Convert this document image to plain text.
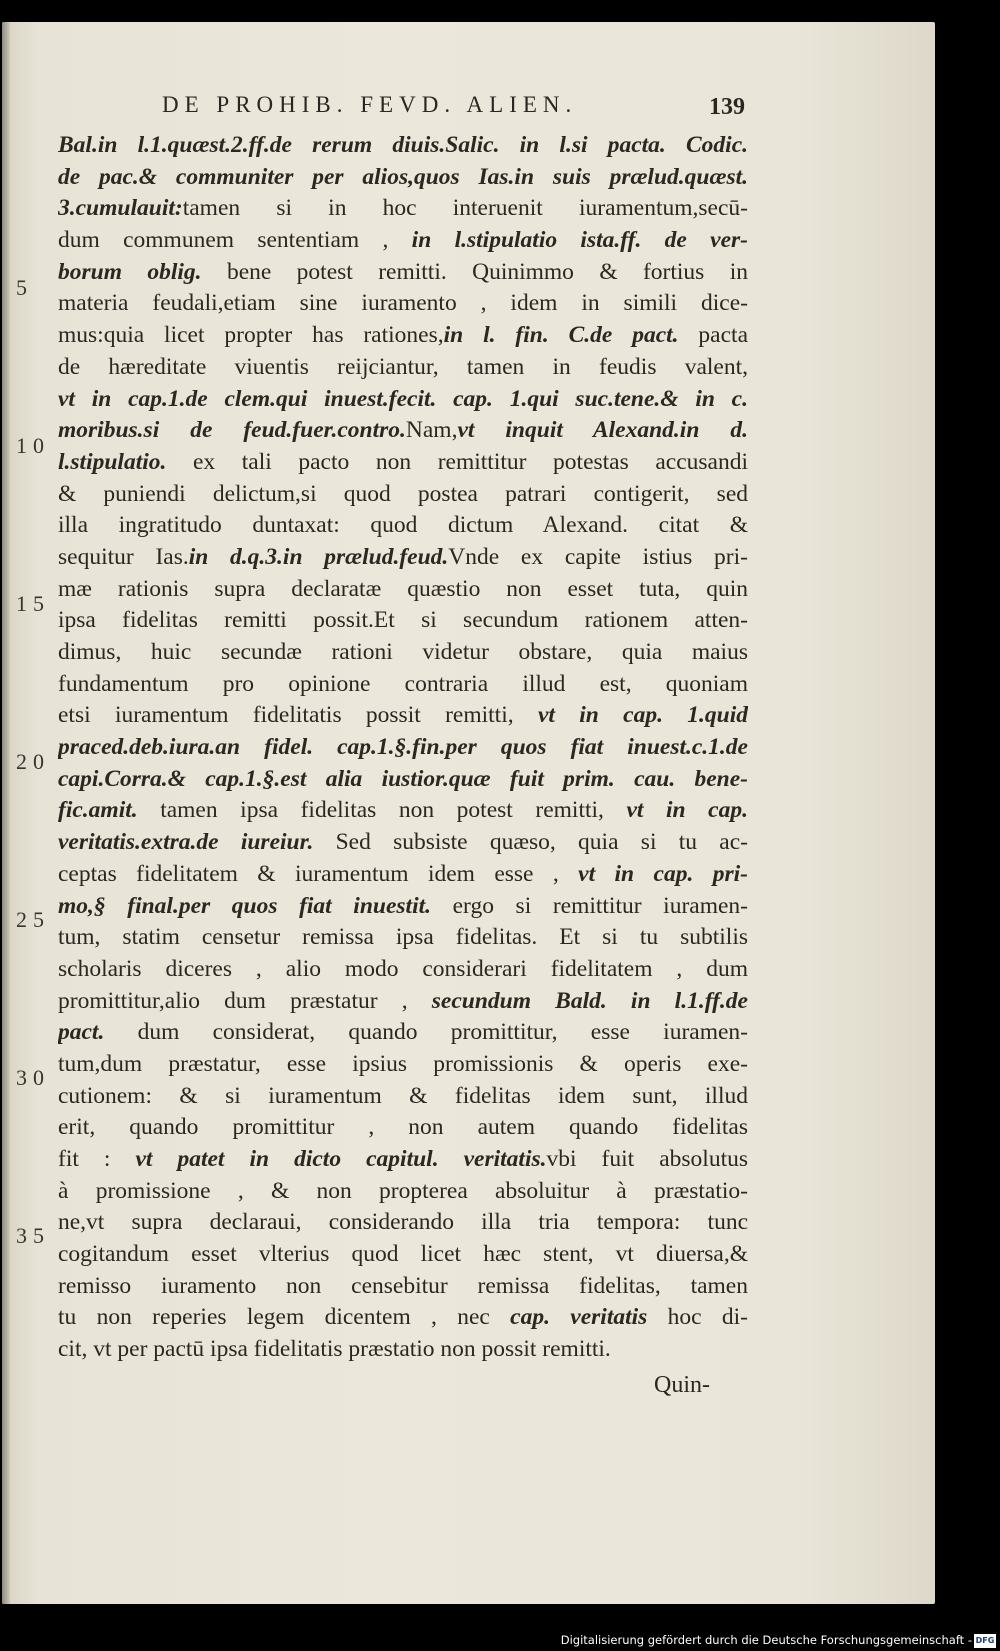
DE PROHIB. FEVD. ALIEN.	139
5
10
15
20
25
30
35
Bal.in l.1.quæst.2.ff.de rerum diuis.Salic. in l.si pacta. Codic.
de pac.& communiter per alios,quos Ias.in suis prælud.quæst.
3.cumulauit:tamen si in hoc interuenit iuramentum,secū-
dum communem sententiam , in l.stipulatio ista.ff. de ver-
borum oblig. bene potest remitti. Quinimmo & fortius in
materia feudali,etiam sine iuramento , idem in simili dice-
mus:quia licet propter has rationes,in l. fin. C.de pact. pacta
de hæreditate viuentis reijciantur, tamen in feudis valent,
vt in cap.1.de clem.qui inuest.fecit. cap. 1.qui suc.tene.& in c.
moribus.si de feud.fuer.contro.Nam,vt inquit Alexand.in d.
l.stipulatio. ex tali pacto non remittitur potestas accusandi
& puniendi delictum,si quod postea patrari contigerit, sed
illa ingratitudo duntaxat: quod dictum Alexand. citat &
sequitur Ias.in d.q.3.in prælud.feud.Vnde ex capite istius pri-
mæ rationis supra declaratæ quæstio non esset tuta, quin
ipsa fidelitas remitti possit.Et si secundum rationem atten-
dimus, huic secundæ rationi videtur obstare, quia maius
fundamentum pro opinione contraria illud est, quoniam
etsi iuramentum fidelitatis possit remitti, vt in cap. 1.quid
praced.deb.iura.an fidel. cap.1.§.fin.per quos fiat inuest.c.1.de
capi.Corra.& cap.1.§.est alia iustior.quæ fuit prim. cau. bene-
fic.amit. tamen ipsa fidelitas non potest remitti, vt in cap.
veritatis.extra.de iureiur. Sed subsiste quæso, quia si tu ac-
ceptas fidelitatem & iuramentum idem esse , vt in cap. pri-
mo,§ final.per quos fiat inuestit. ergo si remittitur iuramen-
tum, statim censetur remissa ipsa fidelitas. Et si tu subtilis
scholaris diceres , alio modo considerari fidelitatem , dum
promittitur,alio dum præstatur , secundum Bald. in l.1.ff.de
pact. dum considerat, quando promittitur, esse iuramen-
tum,dum præstatur, esse ipsius promissionis & operis exe-
cutionem: & si iuramentum & fidelitas idem sunt, illud
erit, quando promittitur , non autem quando fidelitas
fit : vt patet in dicto capitul. veritatis.vbi fuit absolutus
à promissione , & non propterea absoluitur à præstatio-
ne,vt supra declaraui, considerando illa tria tempora: tunc
cogitandum esset vlterius quod licet hæc stent, vt diuersa,&
remisso iuramento non censebitur remissa fidelitas, tamen
tu non reperies legem dicentem , nec cap. veritatis hoc di-
cit, vt per pactū ipsa fidelitatis præstatio non possit remitti.
Quin-
Digitalisierung gefördert durch die Deutsche Forschungsgemeinschaft - DFG
